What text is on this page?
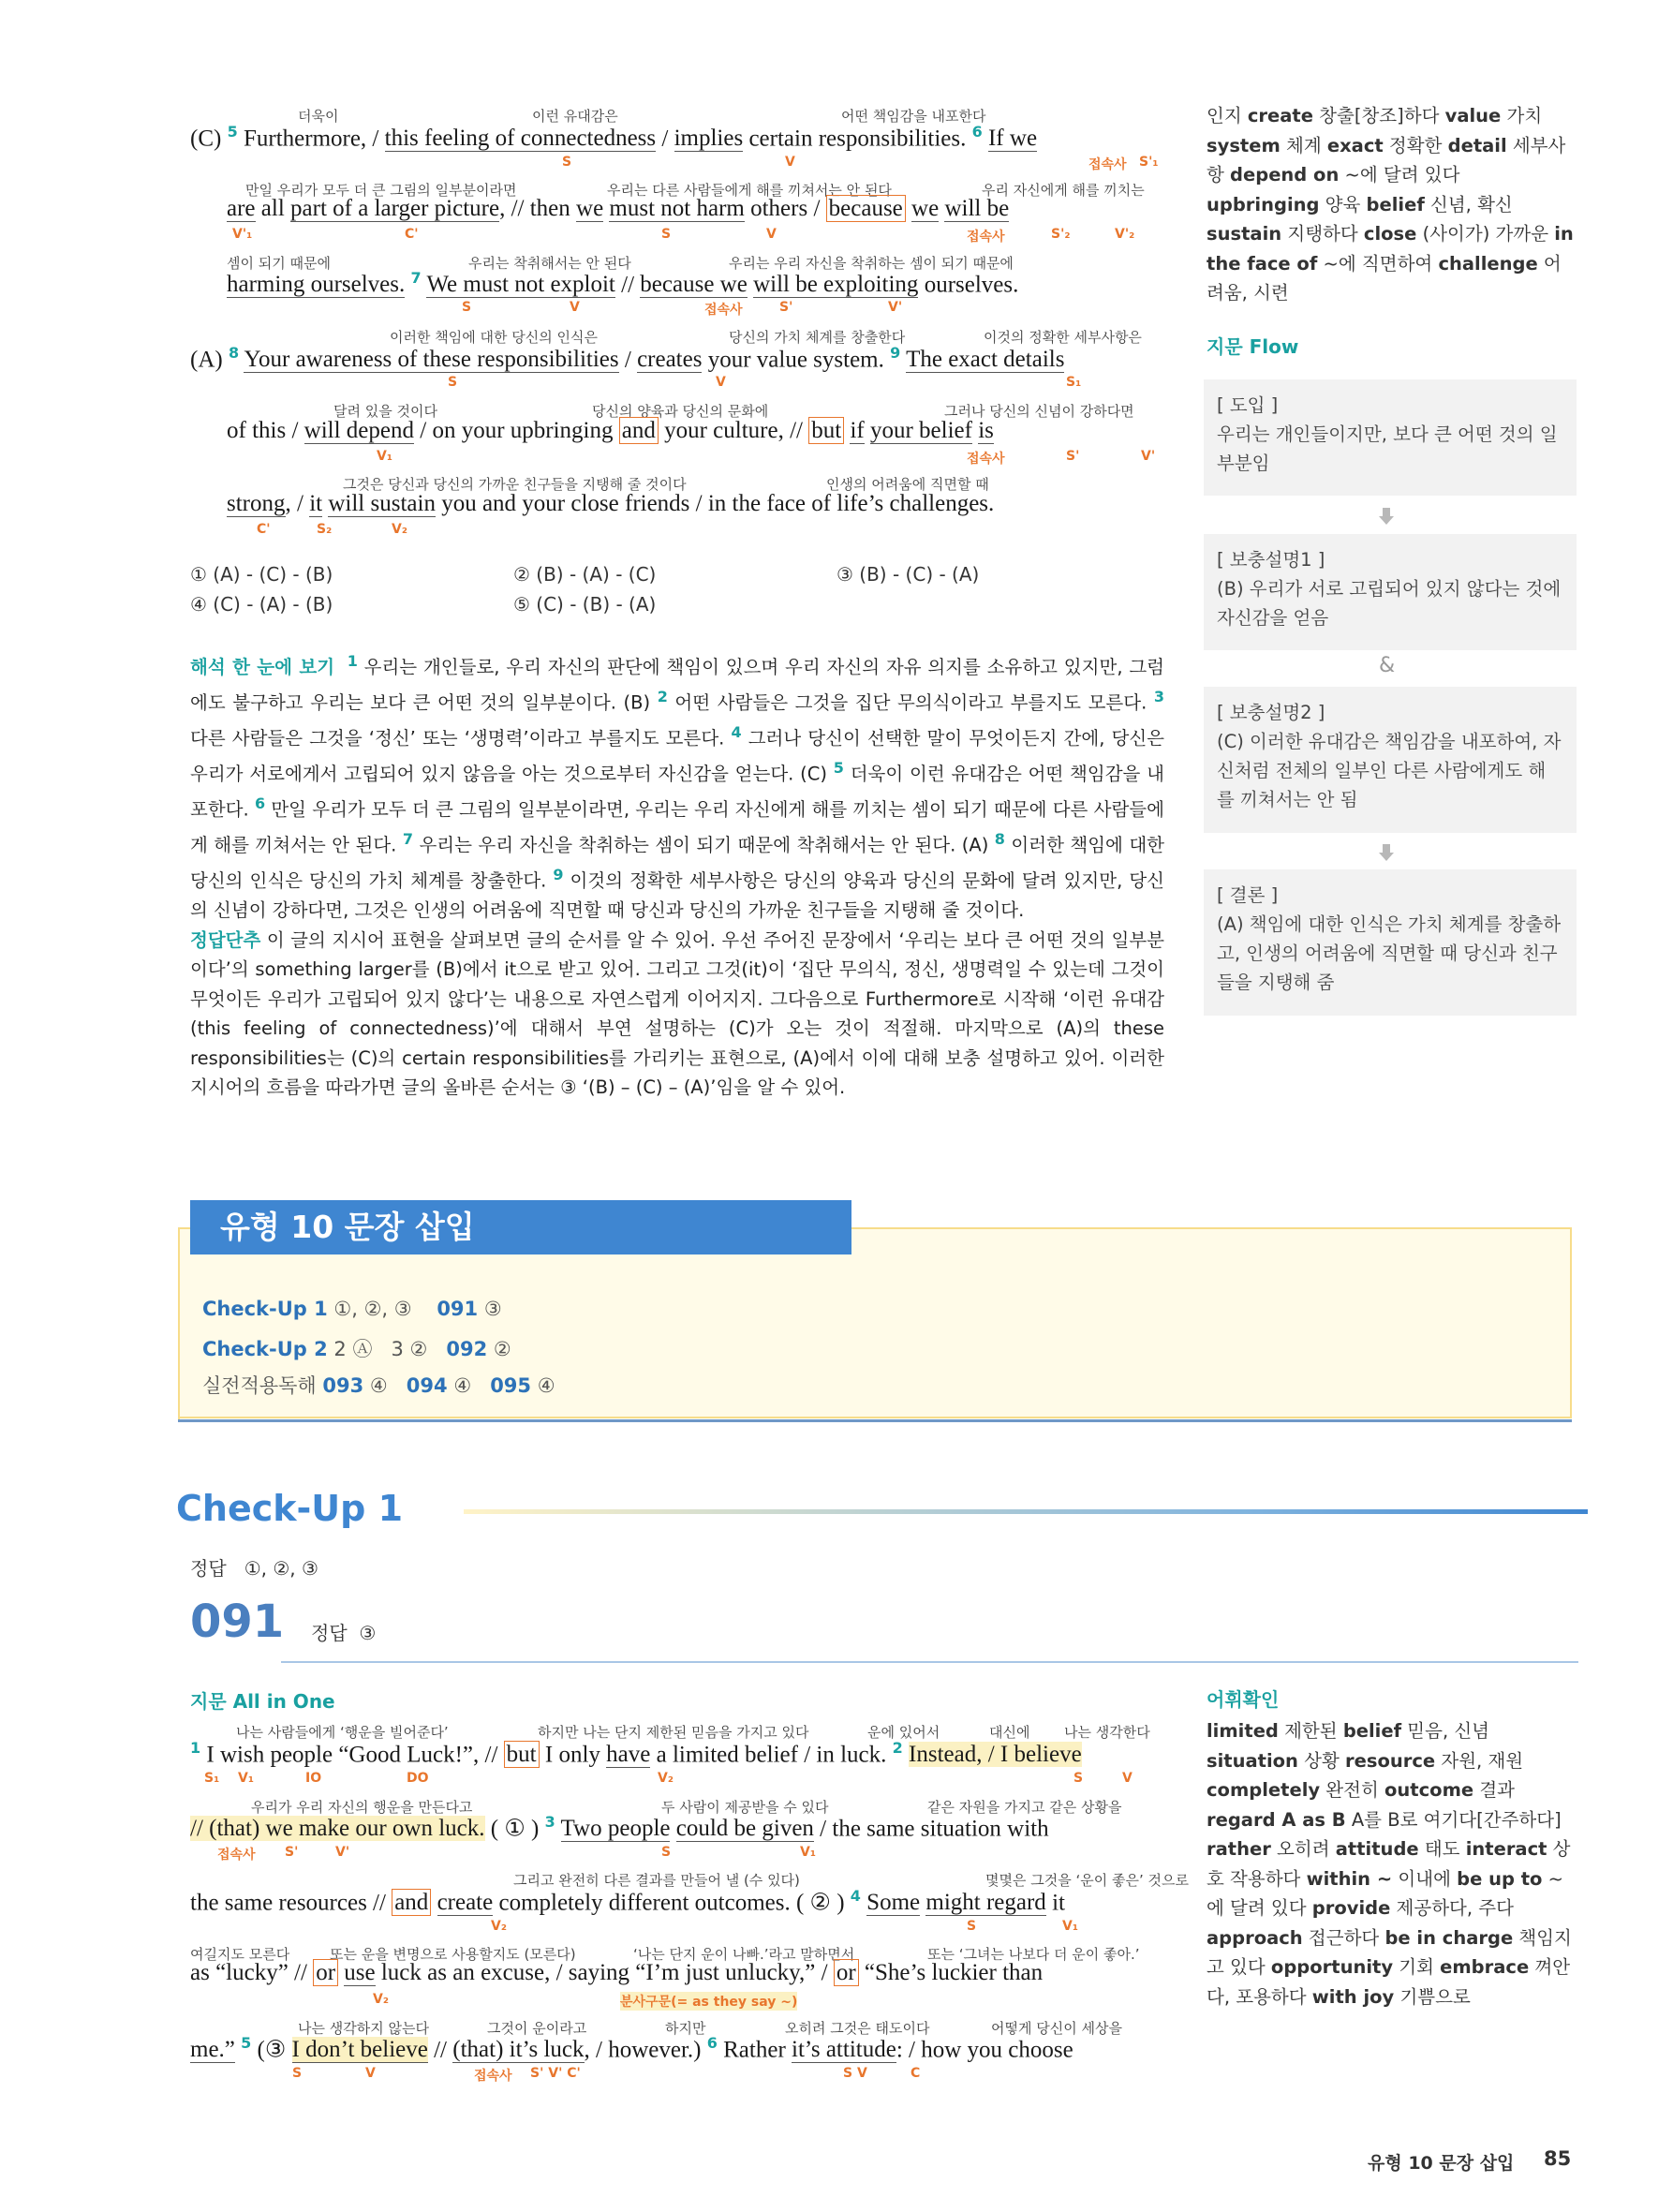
더욱이	이런 유대감은	어떤 책임감을 내포한다
(C) $^5$ Furthermore, / this feeling of connectedness / implies certain responsibilities. $^6$ If we
S	V	접속사 S'₁
만일 우리가 모두 더 큰 그림의 일부분이라면	우리는 다른 사람들에게 해를 끼쳐서는 안 된다	우리 자신에게 해를 끼치는
are all part of a larger picture, // then we must not harm others / because we will be
V'₁	C'	S	V	접속사	S'₂	V'₂
셈이 되기 때문에	우리는 착취해서는 안 된다	우리는 우리 자신을 착취하는 셈이 되기 때문에
harming ourselves. $^7$ We must not exploit // because we will be exploiting ourselves.
S	V	접속사	S'	V'
이러한 책임에 대한 당신의 인식은	당신의 가치 체계를 창출한다	이것의 정확한 세부사항은
(A) $^8$ Your awareness of these responsibilities / creates your value system. $^9$ The exact details
S	V	S₁
달려 있을 것이다	당신의 양육과 당신의 문화에	그러나 당신의 신념이 강하다면
of this / will depend / on your upbringing and your culture, // but if your belief is
V₁	접속사	S'	V'
그것은 당신과 당신의 가까운 친구들을 지탱해 줄 것이다	인생의 어려움에 직면할 때
strong, / it will sustain you and your close friends / in the face of life’s challenges.
C'	S₂	V₂
① (A) - (C) - (B)	② (B) - (A) - (C)	③ (B) - (C) - (A)
④ (C) - (A) - (B)	⑤ (C) - (B) - (A)

해석 한 눈에 보기 $^1$ 우리는 개인들로, 우리 자신의 판단에 책임이 있으며 우리 자신의 자유 의지를 소유하고 있지만, 그럼에도 불구하고 우리는 보다 큰 어떤 것의 일부분이다. (B) $^2$ 어떤 사람들은 그것을 집단 무의식이라고 부를지도 모른다. $^3$ 다른 사람들은 그것을 ‘정신’ 또는 ‘생명력’이라고 부를지도 모른다. $^4$ 그러나 당신이 선택한 말이 무엇이든지 간에, 당신은 우리가 서로에게서 고립되어 있지 않음을 아는 것으로부터 자신감을 얻는다. (C) $^5$ 더욱이 이런 유대감은 어떤 책임감을 내포한다. $^6$ 만일 우리가 모두 더 큰 그림의 일부분이라면, 우리는 우리 자신에게 해를 끼치는 셈이 되기 때문에 다른 사람들에게 해를 끼쳐서는 안 된다. $^7$ 우리는 우리 자신을 착취하는 셈이 되기 때문에 착취해서는 안 된다. (A) $^8$ 이러한 책임에 대한 당신의 인식은 당신의 가치 체계를 창출한다. $^9$ 이것의 정확한 세부사항은 당신의 양육과 당신의 문화에 달려 있지만, 당신의 신념이 강하다면, 그것은 인생의 어려움에 직면할 때 당신과 당신의 가까운 친구들을 지탱해 줄 것이다.

정답단추 이 글의 지시어 표현을 살펴보면 글의 순서를 알 수 있어. 우선 주어진 문장에서 ‘우리는 보다 큰 어떤 것의 일부분이다’의 something larger를 (B)에서 it으로 받고 있어. 그리고 그것(it)이 ‘집단 무의식, 정신, 생명력일 수 있는데 그것이 무엇이든 우리가 고립되어 있지 않다’는 내용으로 자연스럽게 이어지지. 그다음으로 Furthermore로 시작해 ‘이런 유대감(this feeling of connectedness)’에 대해서 부연 설명하는 (C)가 오는 것이 적절해. 마지막으로 (A)의 these responsibilities는 (C)의 certain responsibilities를 가리키는 표현으로, (A)에서 이에 대해 보충 설명하고 있어. 이러한 지시어의 흐름을 따라가면 글의 올바른 순서는 ③ ‘(B) – (C) – (A)’임을 알 수 있어.

인지 create 창출[창조]하다 value 가치 system 체계 exact 정확한 detail 세부사항 depend on ~에 달려 있다 upbringing 양육 belief 신념, 확신 sustain 지탱하다 close (사이가) 가까운 in the face of ~에 직면하여 challenge 어려움, 시련
지문 Flow
[ 도입 ]
우리는 개인들이지만, 보다 큰 어떤 것의 일부분임
[ 보충설명1 ]
(B) 우리가 서로 고립되어 있지 않다는 것에 자신감을 얻음
&
[ 보충설명2 ]
(C) 이러한 유대감은 책임감을 내포하여, 자신처럼 전체의 일부인 다른 사람에게도 해를 끼쳐서는 안 됨
[ 결론 ]
(A) 책임에 대한 인식은 가치 체계를 창출하고, 인생의 어려움에 직면할 때 당신과 친구들을 지탱해 줌
유형 10 문장 삽입
Check-Up 1 ①, ②, ③    091 ③
Check-Up 2 2 Ⓐ   3 ② 092 ②
실전적용독해 093 ④ 094 ④ 095 ④
Check-Up 1
정답 ①, ②, ③
091 정답 ③
지문 All in One
나는 사람들에게 ‘행운을 빌어준다’	하지만 나는 단지 제한된 믿음을 가지고 있다	운에 있어서	대신에 나는 생각한다
$^1$ I wish people “Good Luck!”, // but I only have a limited belief / in luck. $^2$ Instead, / I believe
S₁ V₁	IO	DO	V₂	S	V
우리가 우리 자신의 행운을 만든다고	두 사람이 제공받을 수 있다	같은 자원을 가지고 같은 상황을
// (that) we make our own luck. ( ① ) $^3$ Two people could be given / the same situation with
접속사 S'	V'	S	V₁
그리고 완전히 다른 결과를 만들어 낼 (수 있다)	몇몇은 그것을 ‘운이 좋은’ 것으로
the same resources // and create completely different outcomes. ( ② ) $^4$ Some might regard it
V₂	S	V₁
여길지도 모른다	또는 운을 변명으로 사용할지도 (모른다)	‘나는 단지 운이 나빠.’라고 말하면서	또는 ‘그녀는 나보다 더 운이 좋아.’
as “lucky” // or use luck as an excuse, / saying “I’m just unlucky,” / or “She’s luckier than
V₂	분사구문(= as they say ~)
나는 생각하지 않는다	그것이 운이라고	하지만	오히려 그것은 태도이다	어떻게 당신이 세상을
me.” $^5$ (③ I don’t believe // (that) it’s luck, / however.) $^6$ Rather it’s attitude: / how you choose
S	V	접속사 S' V' C'	S V	C
어휘확인
limited 제한된 belief 믿음, 신념 situation 상황 resource 자원, 재원 completely 완전히 outcome 결과 regard A as B A를 B로 여기다[간주하다] rather 오히려 attitude 태도 interact 상호 작용하다 within ~ 이내에 be up to ~에 달려 있다 provide 제공하다, 주다 approach 접근하다 be in charge 책임지고 있다 opportunity 기회 embrace 껴안다, 포용하다 with joy 기쁨으로
유형 10 문장 삽입 85
